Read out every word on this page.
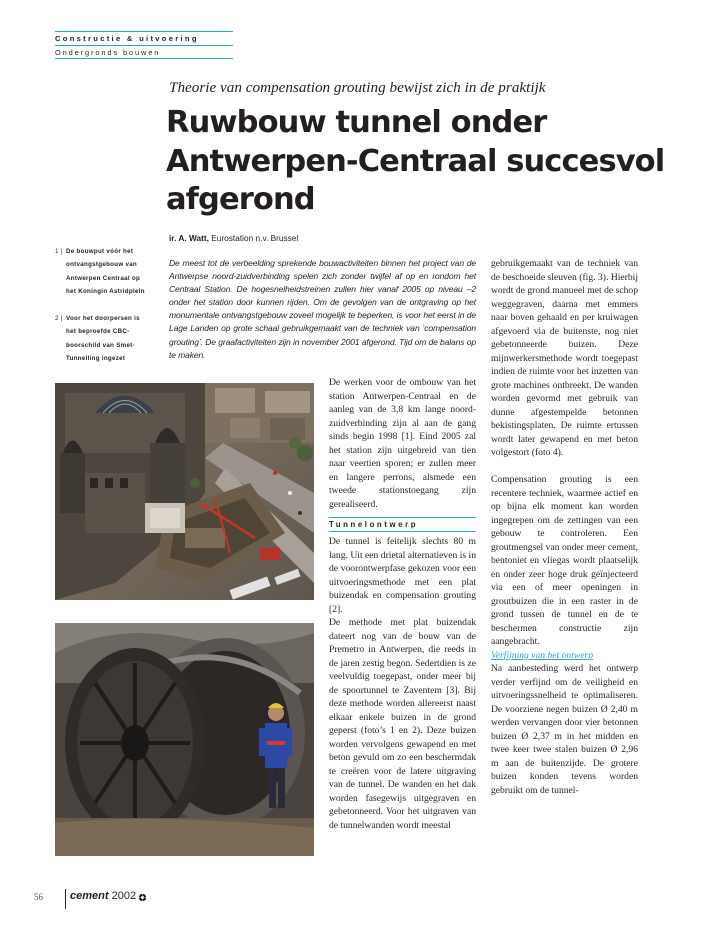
Constructie & uitvoering
Ondergronds bouwen
Theorie van compensation grouting bewijst zich in de praktijk
Ruwbouw tunnel onder
Antwerpen-Centraal succesvol
afgerond
ir. A. Watt, Eurostation n.v. Brussel
1 | De bouwput vóór het
ontvangstgebouw van
Antwerpen Centraal op
het Koningin Astridplein
2 | Voor het doorpersen is
het beproefde CBC-
boorschild van Smet-
Tunnelling ingezet

De meest tot de verbeelding sprekende bouwactiviteiten binnen het project van de Antwerpse noord-zuidverbinding spelen zich zonder twijfel af op en rondom het Centraal Station. De hogesnelheidstreinen zullen hier vanaf 2005 op niveau –2 onder het station door kunnen rijden. Om de gevolgen van de ontgraving op het monumentale ontvangstgebouw zoveel mogelijk te beperken, is voor het eerst in de Lage Landen op grote schaal gebruikgemaakt van de techniek van ‘compensation grouting’. De graafactiviteiten zijn in november 2001 afgerond. Tijd om de balans op te maken.

De werken voor de ombouw van het station Antwerpen-Centraal en de aanleg van de 3,8 km lange noord-zuidverbinding zijn al aan de gang sinds begin 1998 [1]. Eind 2005 zal het station zijn uitgebreid van tien naar veertien sporen; er zullen meer en langere perrons, alsmede een tweede stationstoegang zijn gerealiseerd.

Tunnelontwerp

De tunnel is feitelijk slechts 80 m lang. Uit een drietal alternatieven is in de voorontwerpfase gekozen voor een uitvoeringsmethode met een plat buizendak en compensation grouting [2].

De methode met plat buizendak dateert nog van de bouw van de Premetro in Antwerpen, die reeds in de jaren zestig begon. Sedertdien is ze veelvuldig toegepast, onder meer bij de spoortunnel te Zaventem [3]. Bij deze methode worden allereerst naast elkaar enkele buizen in de grond geperst (foto’s 1 en 2). Deze buizen worden vervolgens gewapend en met beton gevuld om zo een beschermdak te creëren voor de latere uitgraving van de tunnel. De wanden en het dak worden fasegewijs uitgegraven en gebetonneerd. Voor het uitgraven van de tunnelwanden wordt meestal

gebruikgemaakt van de techniek van de beschoeide sleuven (fig. 3). Hierbij wordt de grond manueel met de schop weggegraven, daarna met emmers naar boven gehaald en per kruiwagen afgevoerd via de buitenste, nog niet gebetonneerde buizen. Deze mijnwerkersmethode wordt toegepast indien de ruimte voor het inzetten van grote machines ontbreekt. De wanden worden gevormd met gebruik van dunne afgestempelde betonnen bekistingsplaten. De ruimte ertussen wordt later gewapend en met beton volgestort (foto 4).

Compensation grouting is een recentere techniek, waarmee actief en op bijna elk moment kan worden ingegrepen om de zettingen van een gebouw te controleren. Een groutmengsel van onder meer cement, bentoniet en vliegas wordt plaatselijk en onder zeer hoge druk geïnjecteerd via een of meer openingen in groutbuizen die in een raster in de grond tussen de tunnel en de te beschermen constructie zijn aangebracht.

Verfijning van het ontwerp

Na aanbesteding werd het ontwerp verder verfijnd om de veiligheid en uitvoeringssnelheid te optimaliseren. De voorziene negen buizen Ø 2,40 m werden vervangen door vier betonnen buizen Ø 2,37 m in het midden en twee keer twee stalen buizen Ø 2,96 m aan de buitenzijde. De grotere buizen konden tevens worden gebruikt om de tunnel-

56 cement 2002
